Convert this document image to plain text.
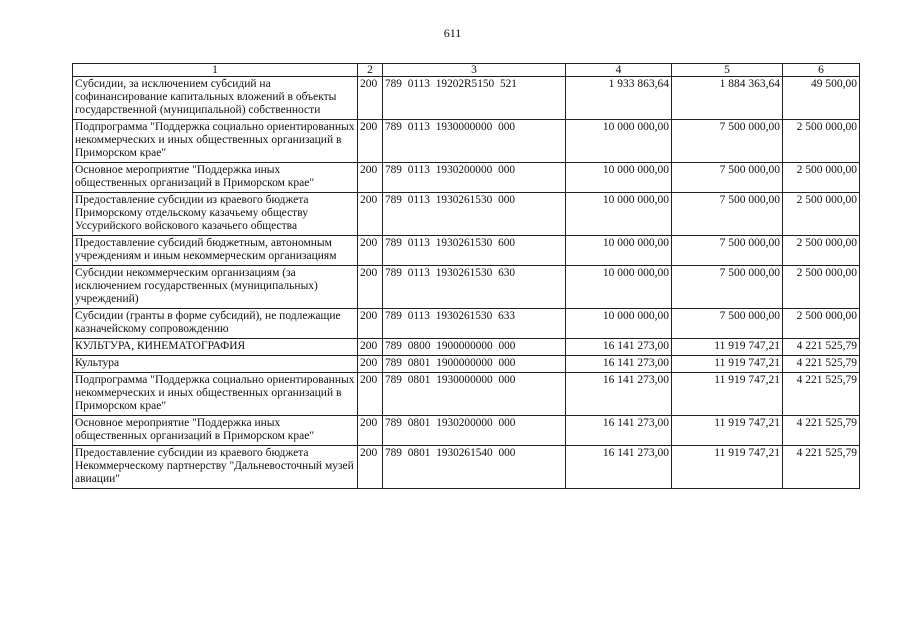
611
1	2	3	4	5	6
Субсидии, за исключением субсидий на софинансирование капитальных вложений в объекты государственной (муниципальной) собственности	200	789 0113 19202R5150 521	1 933 863,64	1 884 363,64	49 500,00
Подпрограмма "Поддержка социально ориентированных некоммерческих и иных общественных организаций в Приморском крае"	200	789 0113 1930000000 000	10 000 000,00	7 500 000,00	2 500 000,00
Основное мероприятие "Поддержка иных общественных организаций в Приморском крае"	200	789 0113 1930200000 000	10 000 000,00	7 500 000,00	2 500 000,00
Предоставление субсидии из краевого бюджета Приморскому отдельскому казачьему обществу Уссурийского войскового казачьего общества	200	789 0113 1930261530 000	10 000 000,00	7 500 000,00	2 500 000,00
Предоставление субсидий бюджетным, автономным учреждениям и иным некоммерческим организациям	200	789 0113 1930261530 600	10 000 000,00	7 500 000,00	2 500 000,00
Субсидии некоммерческим организациям (за исключением государственных (муниципальных) учреждений)	200	789 0113 1930261530 630	10 000 000,00	7 500 000,00	2 500 000,00
Субсидии (гранты в форме субсидий), не подлежащие казначейскому сопровождению	200	789 0113 1930261530 633	10 000 000,00	7 500 000,00	2 500 000,00
КУЛЬТУРА, КИНЕМАТОГРАФИЯ	200	789 0800 1900000000 000	16 141 273,00	11 919 747,21	4 221 525,79
Культура	200	789 0801 1900000000 000	16 141 273,00	11 919 747,21	4 221 525,79
Подпрограмма "Поддержка социально ориентированных некоммерческих и иных общественных организаций в Приморском крае"	200	789 0801 1930000000 000	16 141 273,00	11 919 747,21	4 221 525,79
Основное мероприятие "Поддержка иных общественных организаций в Приморском крае"	200	789 0801 1930200000 000	16 141 273,00	11 919 747,21	4 221 525,79
Предоставление субсидии из краевого бюджета Некоммерческому партнерству "Дальневосточный музей авиации"	200	789 0801 1930261540 000	16 141 273,00	11 919 747,21	4 221 525,79
